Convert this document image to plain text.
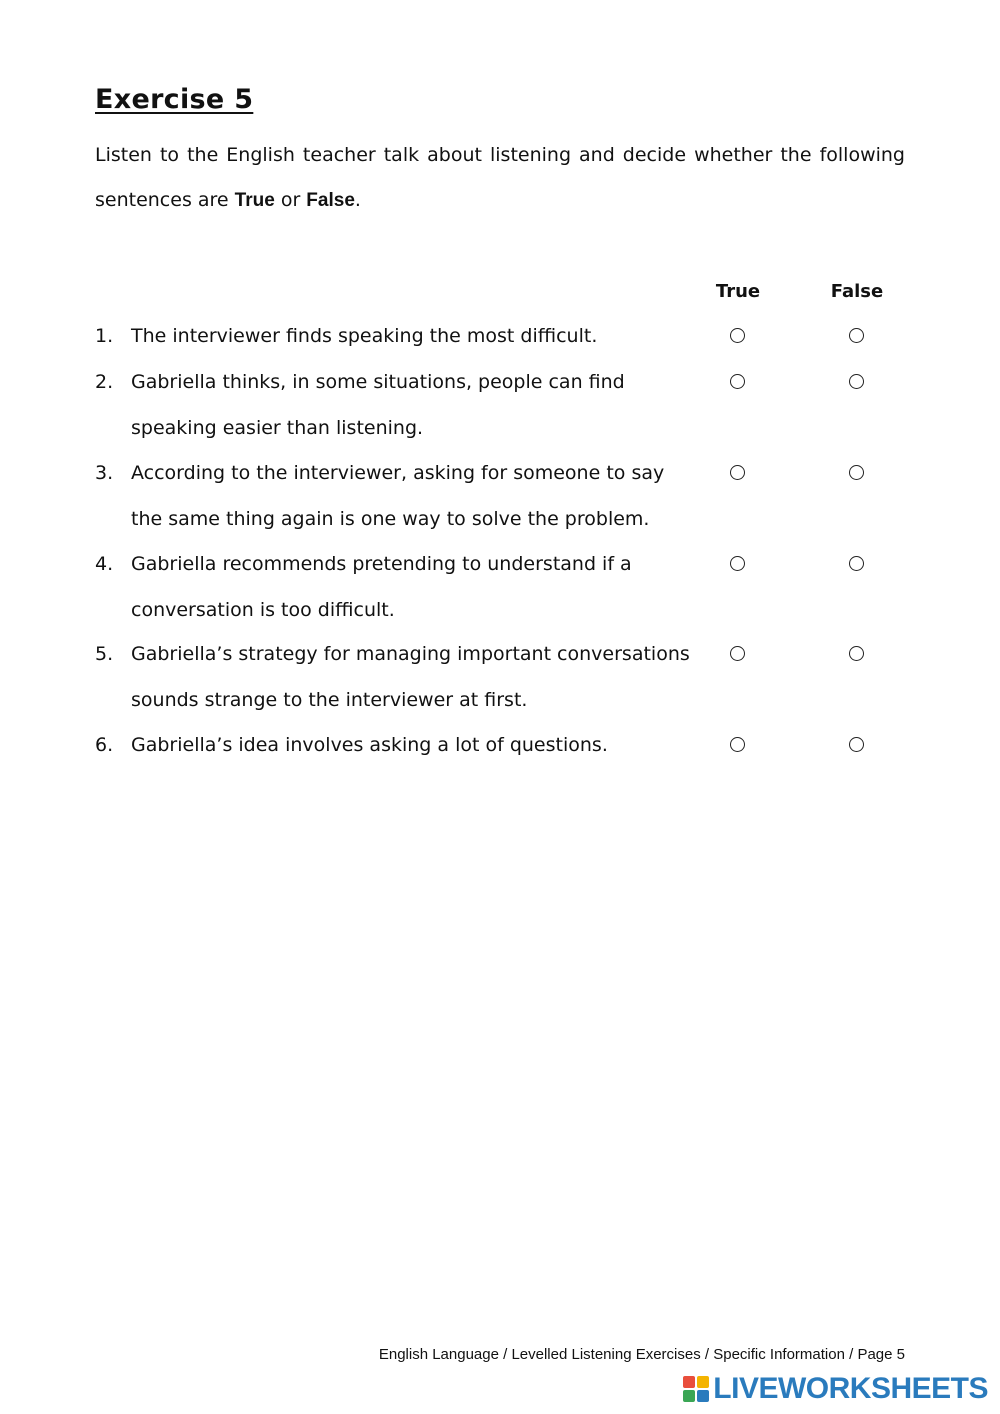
Exercise 5

Listen to the English teacher talk about listening and decide whether the following sentences are True or False.

True	False
1. The interviewer finds speaking the most difficult.
2. Gabriella thinks, in some situations, people can find speaking easier than listening.
3. According to the interviewer, asking for someone to say the same thing again is one way to solve the problem.
4. Gabriella recommends pretending to understand if a conversation is too difficult.
5. Gabriella’s strategy for managing important conversations sounds strange to the interviewer at first.
6. Gabriella’s idea involves asking a lot of questions.
English Language / Levelled Listening Exercises / Specific Information / Page 5
LIVEWORKSHEETS
